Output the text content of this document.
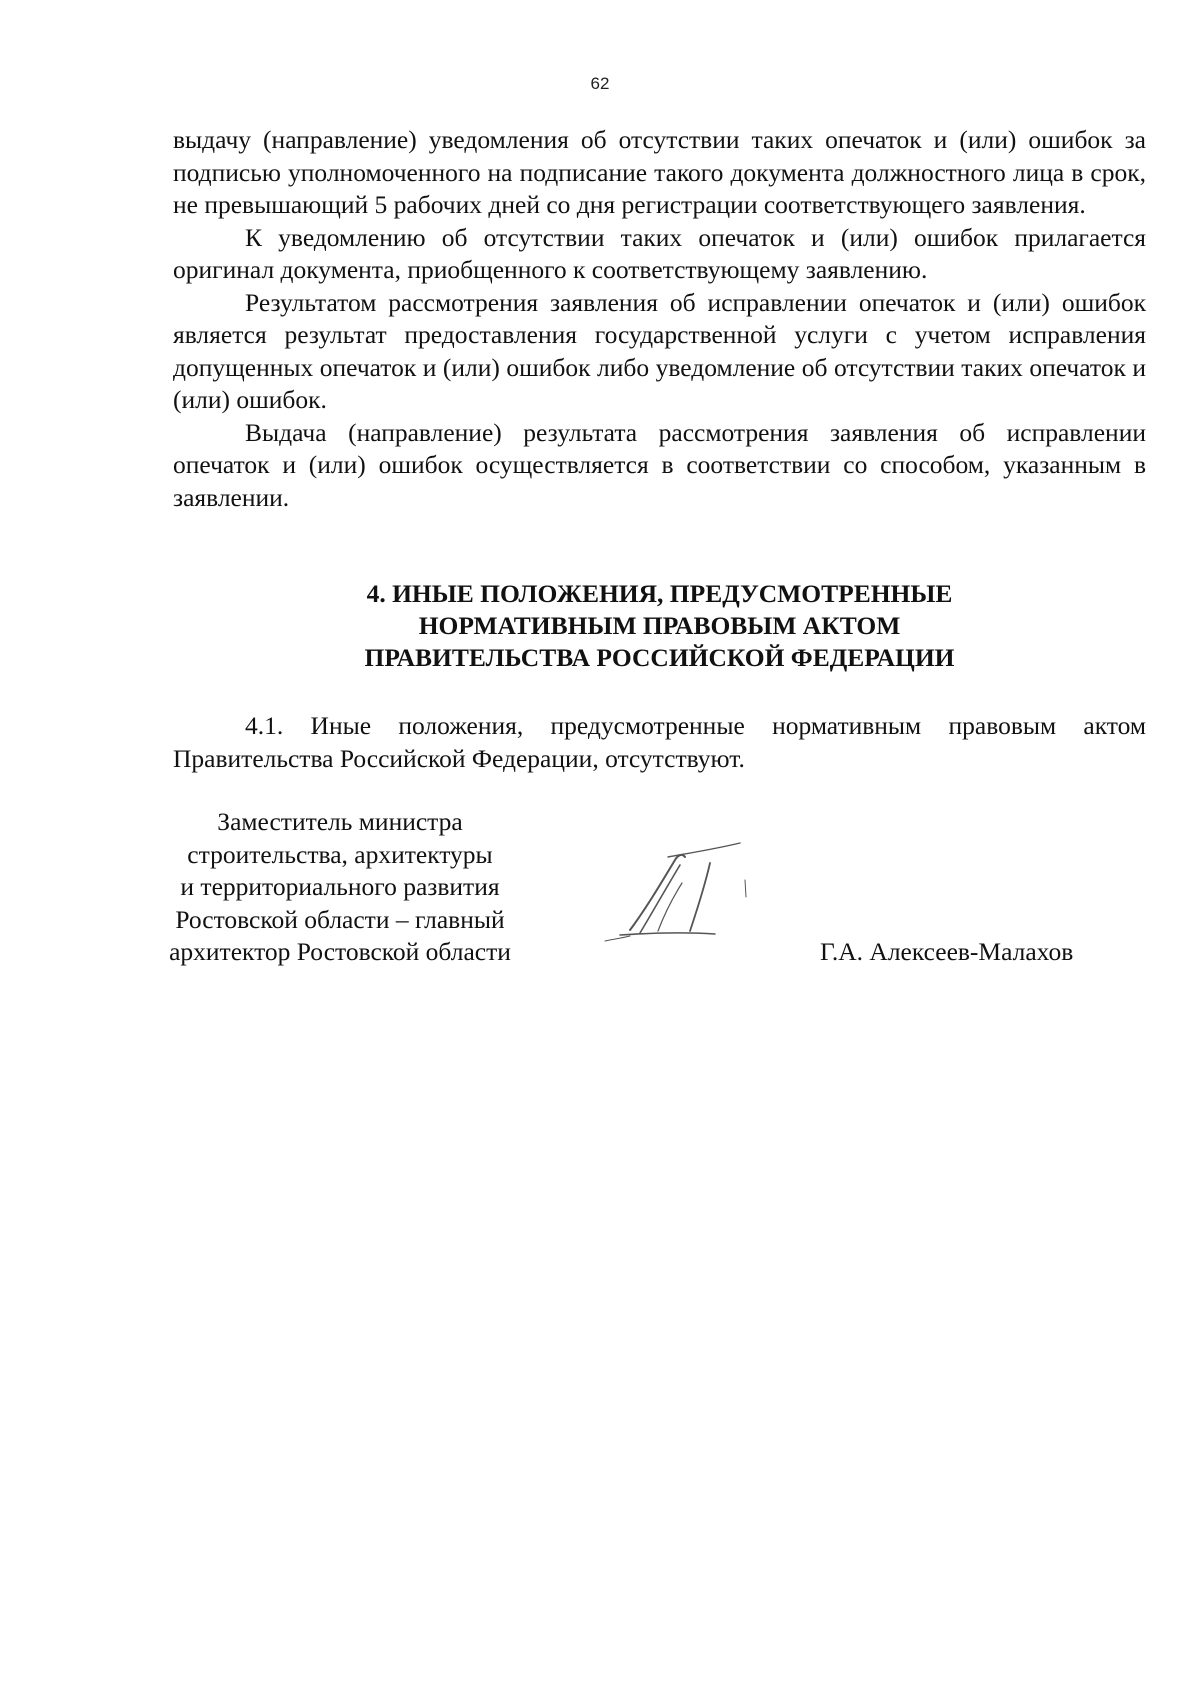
62

выдачу (направление) уведомления об отсутствии таких опечаток и (или) ошибок за подписью уполномоченного на подписание такого документа должностного лица в срок, не превышающий 5 рабочих дней со дня регистрации соответствующего заявления.

К уведомлению об отсутствии таких опечаток и (или) ошибок прилагается оригинал документа, приобщенного к соответствующему заявлению.

Результатом рассмотрения заявления об исправлении опечаток и (или) ошибок является результат предоставления государственной услуги с учетом исправления допущенных опечаток и (или) ошибок либо уведомление об отсутствии таких опечаток и (или) ошибок.

Выдача (направление) результата рассмотрения заявления об исправлении опечаток и (или) ошибок осуществляется в соответствии со способом, указанным в заявлении.

4. ИНЫЕ ПОЛОЖЕНИЯ, ПРЕДУСМОТРЕННЫЕ
НОРМАТИВНЫМ ПРАВОВЫМ АКТОМ
ПРАВИТЕЛЬСТВА РОССИЙСКОЙ ФЕДЕРАЦИИ

4.1. Иные положения, предусмотренные нормативным правовым актом Правительства Российской Федерации, отсутствуют.

Заместитель министра
строительства, архитектуры
и территориального развития
Ростовской области – главный
архитектор Ростовской области	Г.А. Алексеев-Малахов
